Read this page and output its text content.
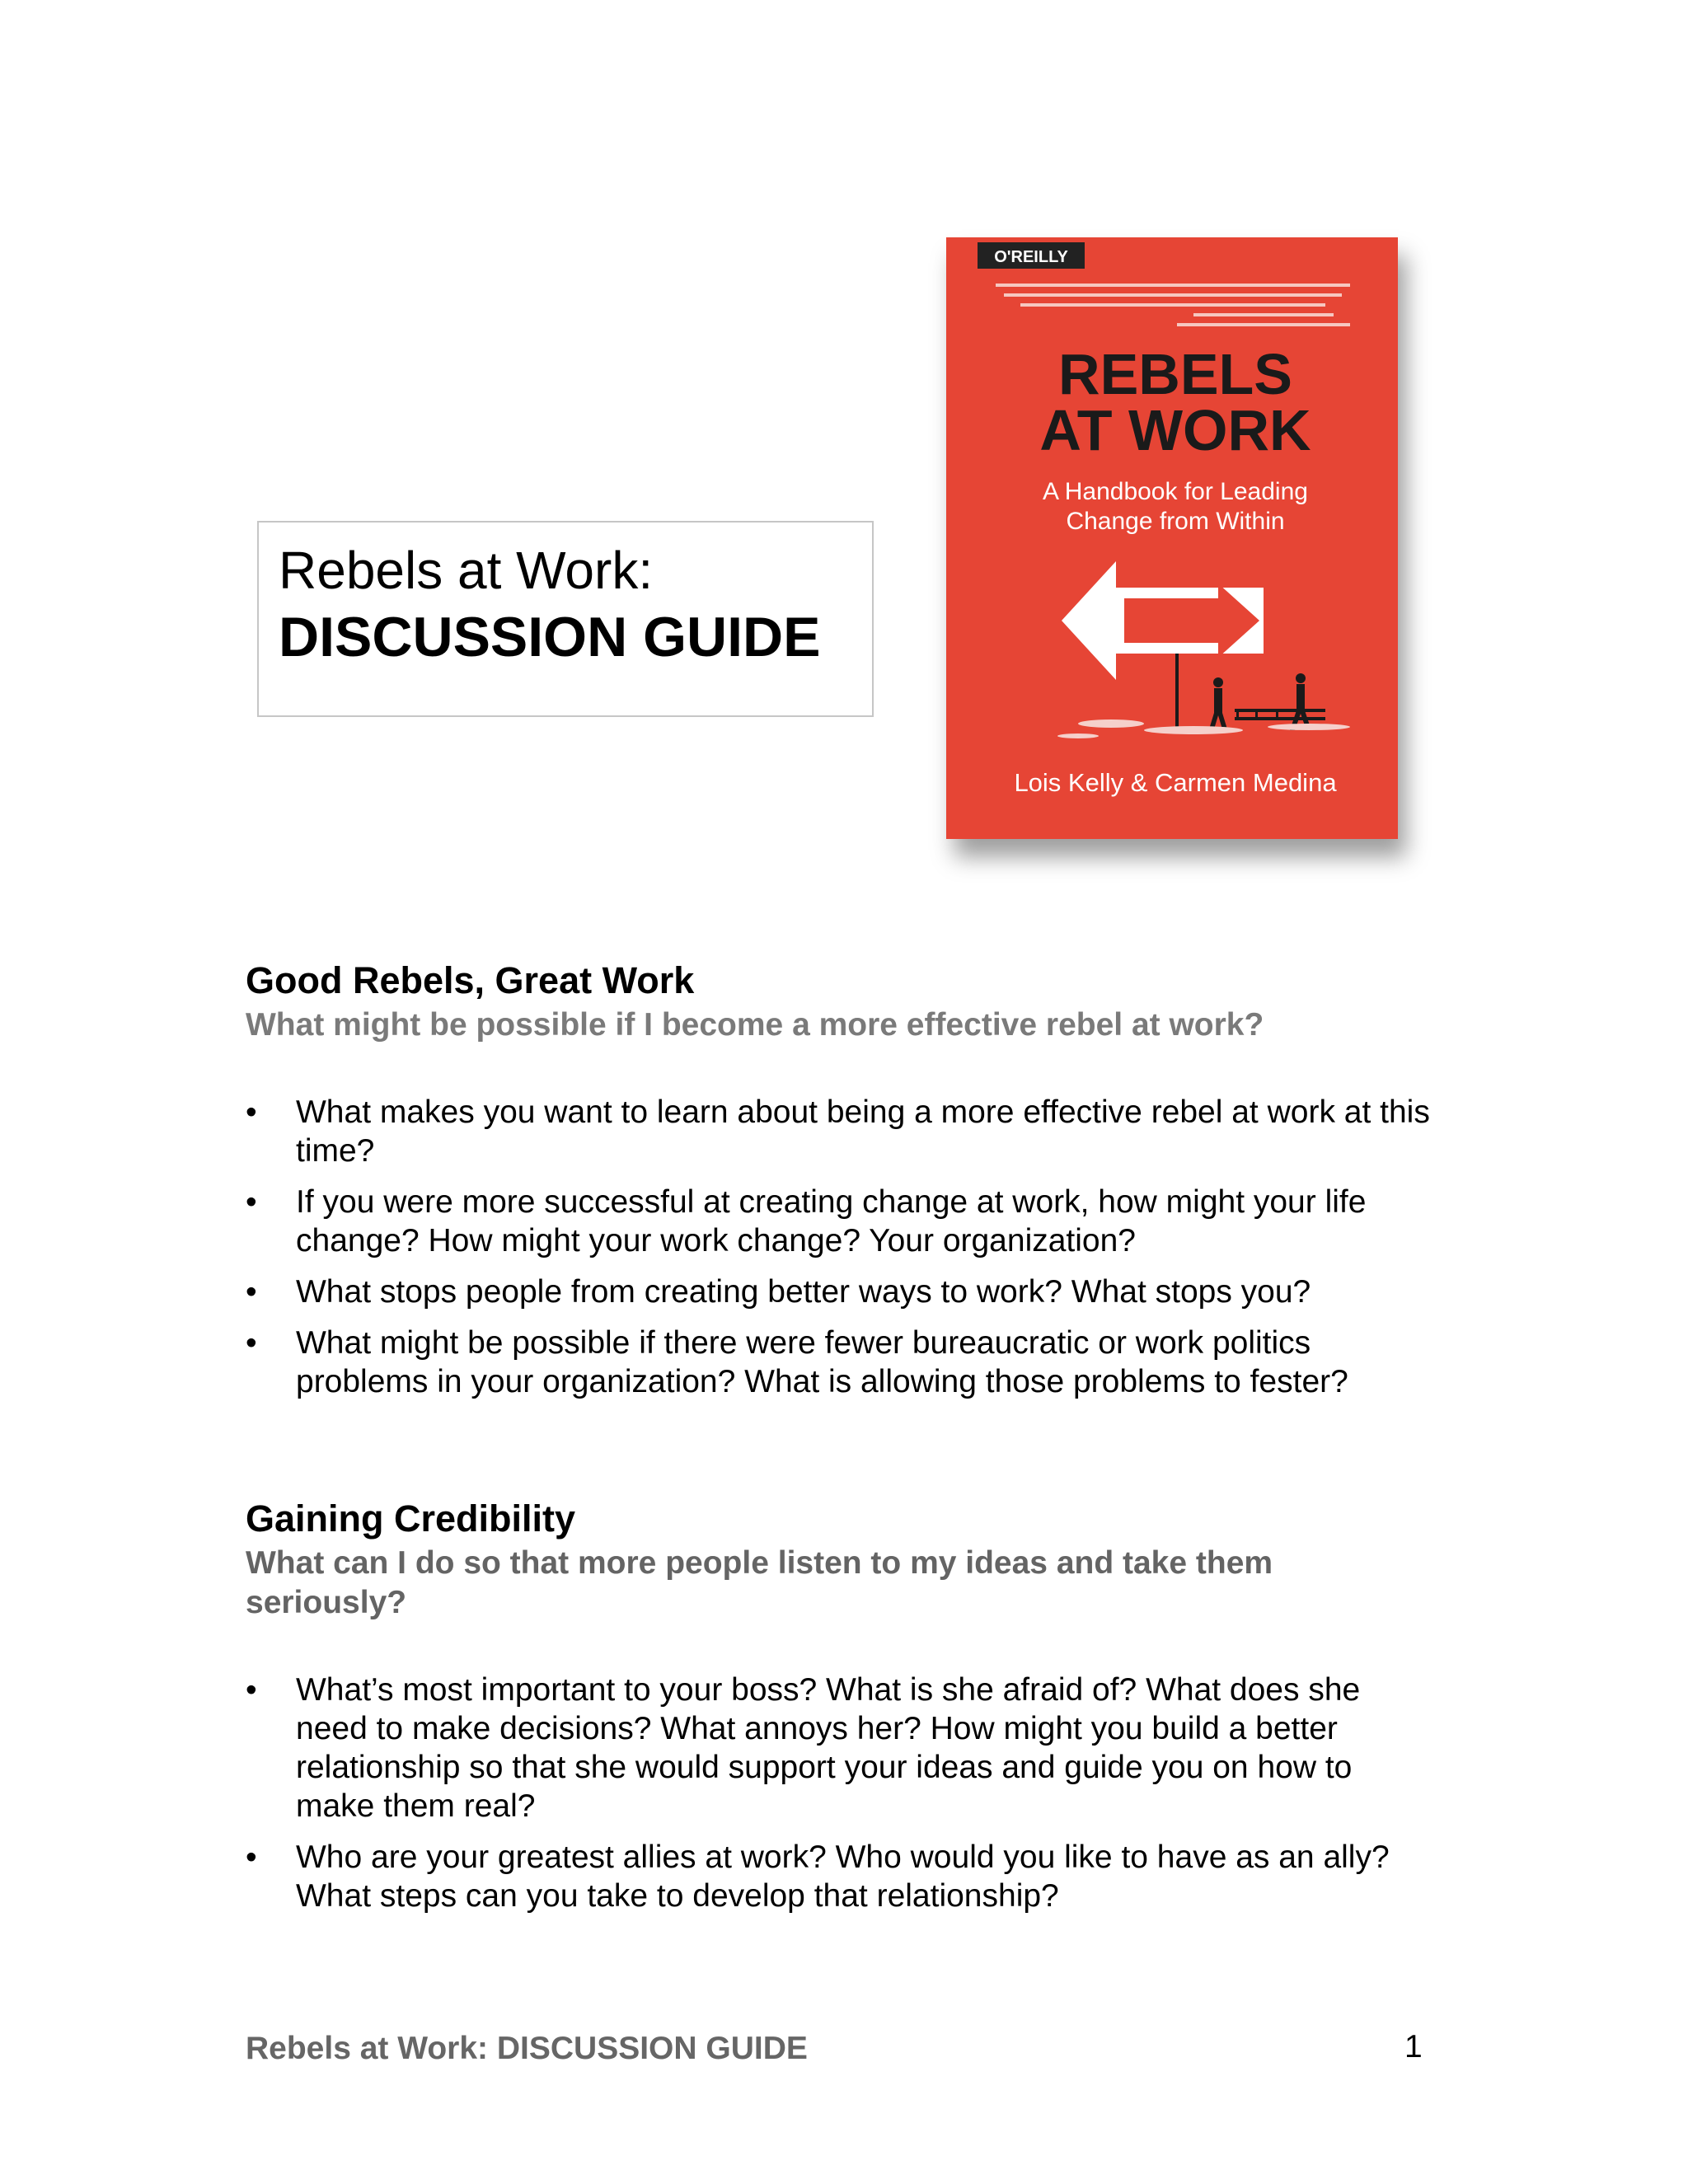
Rebels at Work:
DISCUSSION GUIDE
O'REILLY
REBELS
AT WORK
A Handbook for Leading
Change from Within
Lois Kelly & Carmen Medina
Good Rebels, Great Work
What might be possible if I become a more effective rebel at work?
• What makes you want to learn about being a more effective rebel at work at this time?
• If you were more successful at creating change at work, how might your life change? How might your work change? Your organization?
• What stops people from creating better ways to work? What stops you?
• What might be possible if there were fewer bureaucratic or work politics problems in your organization? What is allowing those problems to fester?
Gaining Credibility
What can I do so that more people listen to my ideas and take them seriously?
• What’s most important to your boss? What is she afraid of? What does she need to make decisions? What annoys her? How might you build a better relationship so that she would support your ideas and guide you on how to make them real?
• Who are your greatest allies at work? Who would you like to have as an ally? What steps can you take to develop that relationship?
Rebels at Work: DISCUSSION GUIDE	1
